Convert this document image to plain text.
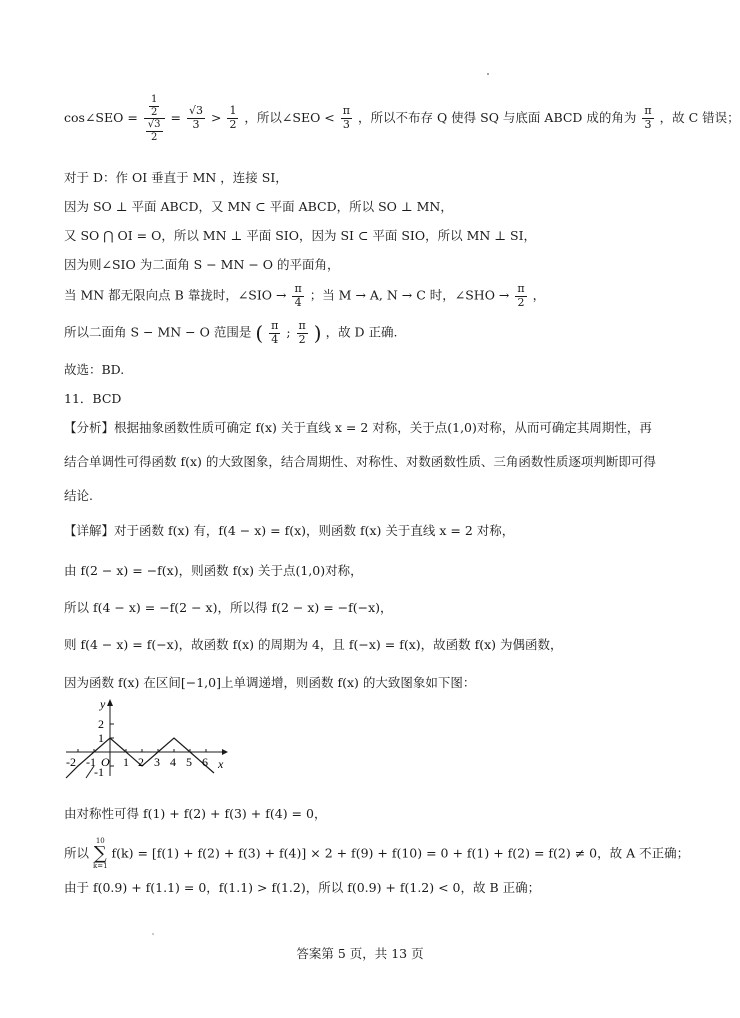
cos∠SEO = $\frac{\frac{1}{2}}{\frac{√3}{2}} = \frac{√3}{3} > \frac{1}{2}$ ，所以∠SEO < $\frac{\pi}{3}$ ，所以不布存 Q 使得 SQ 与底面 ABCD 成的角为 $\frac{\pi}{3}$ ，故 C 错误；
对于 D：作 OI 垂直于 MN ，连接 SI，
因为 SO ⊥ 平面 ABCD，又 MN ⊂ 平面 ABCD，所以 SO ⊥ MN，
又 SO ⋂ OI = O，所以 MN ⊥ 平面 SIO，因为 SI ⊂ 平面 SIO，所以 MN ⊥ SI，
因为则∠SIO 为二面角 S − MN − O 的平面角，
当 MN 都无限向点 B 靠拢时，∠SIO → $\frac{\pi}{4}$ ；当 M → A, N → C 时，∠SHO → $\frac{\pi}{2}$ ，
所以二面角 S − MN − O 范围是 ( $\frac{\pi}{4}$ ; $\frac{\pi}{2}$ ) ，故 D 正确.
故选：BD.
11．BCD
【分析】根据抽象函数性质可确定 f(x) 关于直线 x = 2 对称，关于点(1,0)对称，从而可确定其周期性，再结合单调性可得函数 f(x) 的大致图象，结合周期性、对称性、对数函数性质、三角函数性质逐项判断即可得结论.
【详解】对于函数 f(x) 有，f(4 − x) = f(x)，则函数 f(x) 关于直线 x = 2 对称，
由 f(2 − x) = −f(x)，则函数 f(x) 关于点(1,0)对称，
所以 f(4 − x) = −f(2 − x)，所以得 f(2 − x) = −f(−x)，
则 f(4 − x) = f(−x)，故函数 f(x) 的周期为 4，且 f(−x) = f(x)，故函数 f(x) 为偶函数，
因为函数 f(x) 在区间[−1,0]上单调递增，则函数 f(x) 的大致图象如下图：
y
x
2
1
-1
-2 -1 O 1 2 3 4 5 6
由对称性可得 f(1) + f(2) + f(3) + f(4) = 0，
所以
10
∑
k=1
f(k) = [f(1) + f(2) + f(3) + f(4)] × 2 + f(9) + f(10) = 0 + f(1) + f(2) = f(2) ≠ 0，故 A 不正确；
由于 f(0.9) + f(1.1) = 0，f(1.1) > f(1.2)，所以 f(0.9) + f(1.2) < 0，故 B 正确；
答案第 5 页，共 13 页
